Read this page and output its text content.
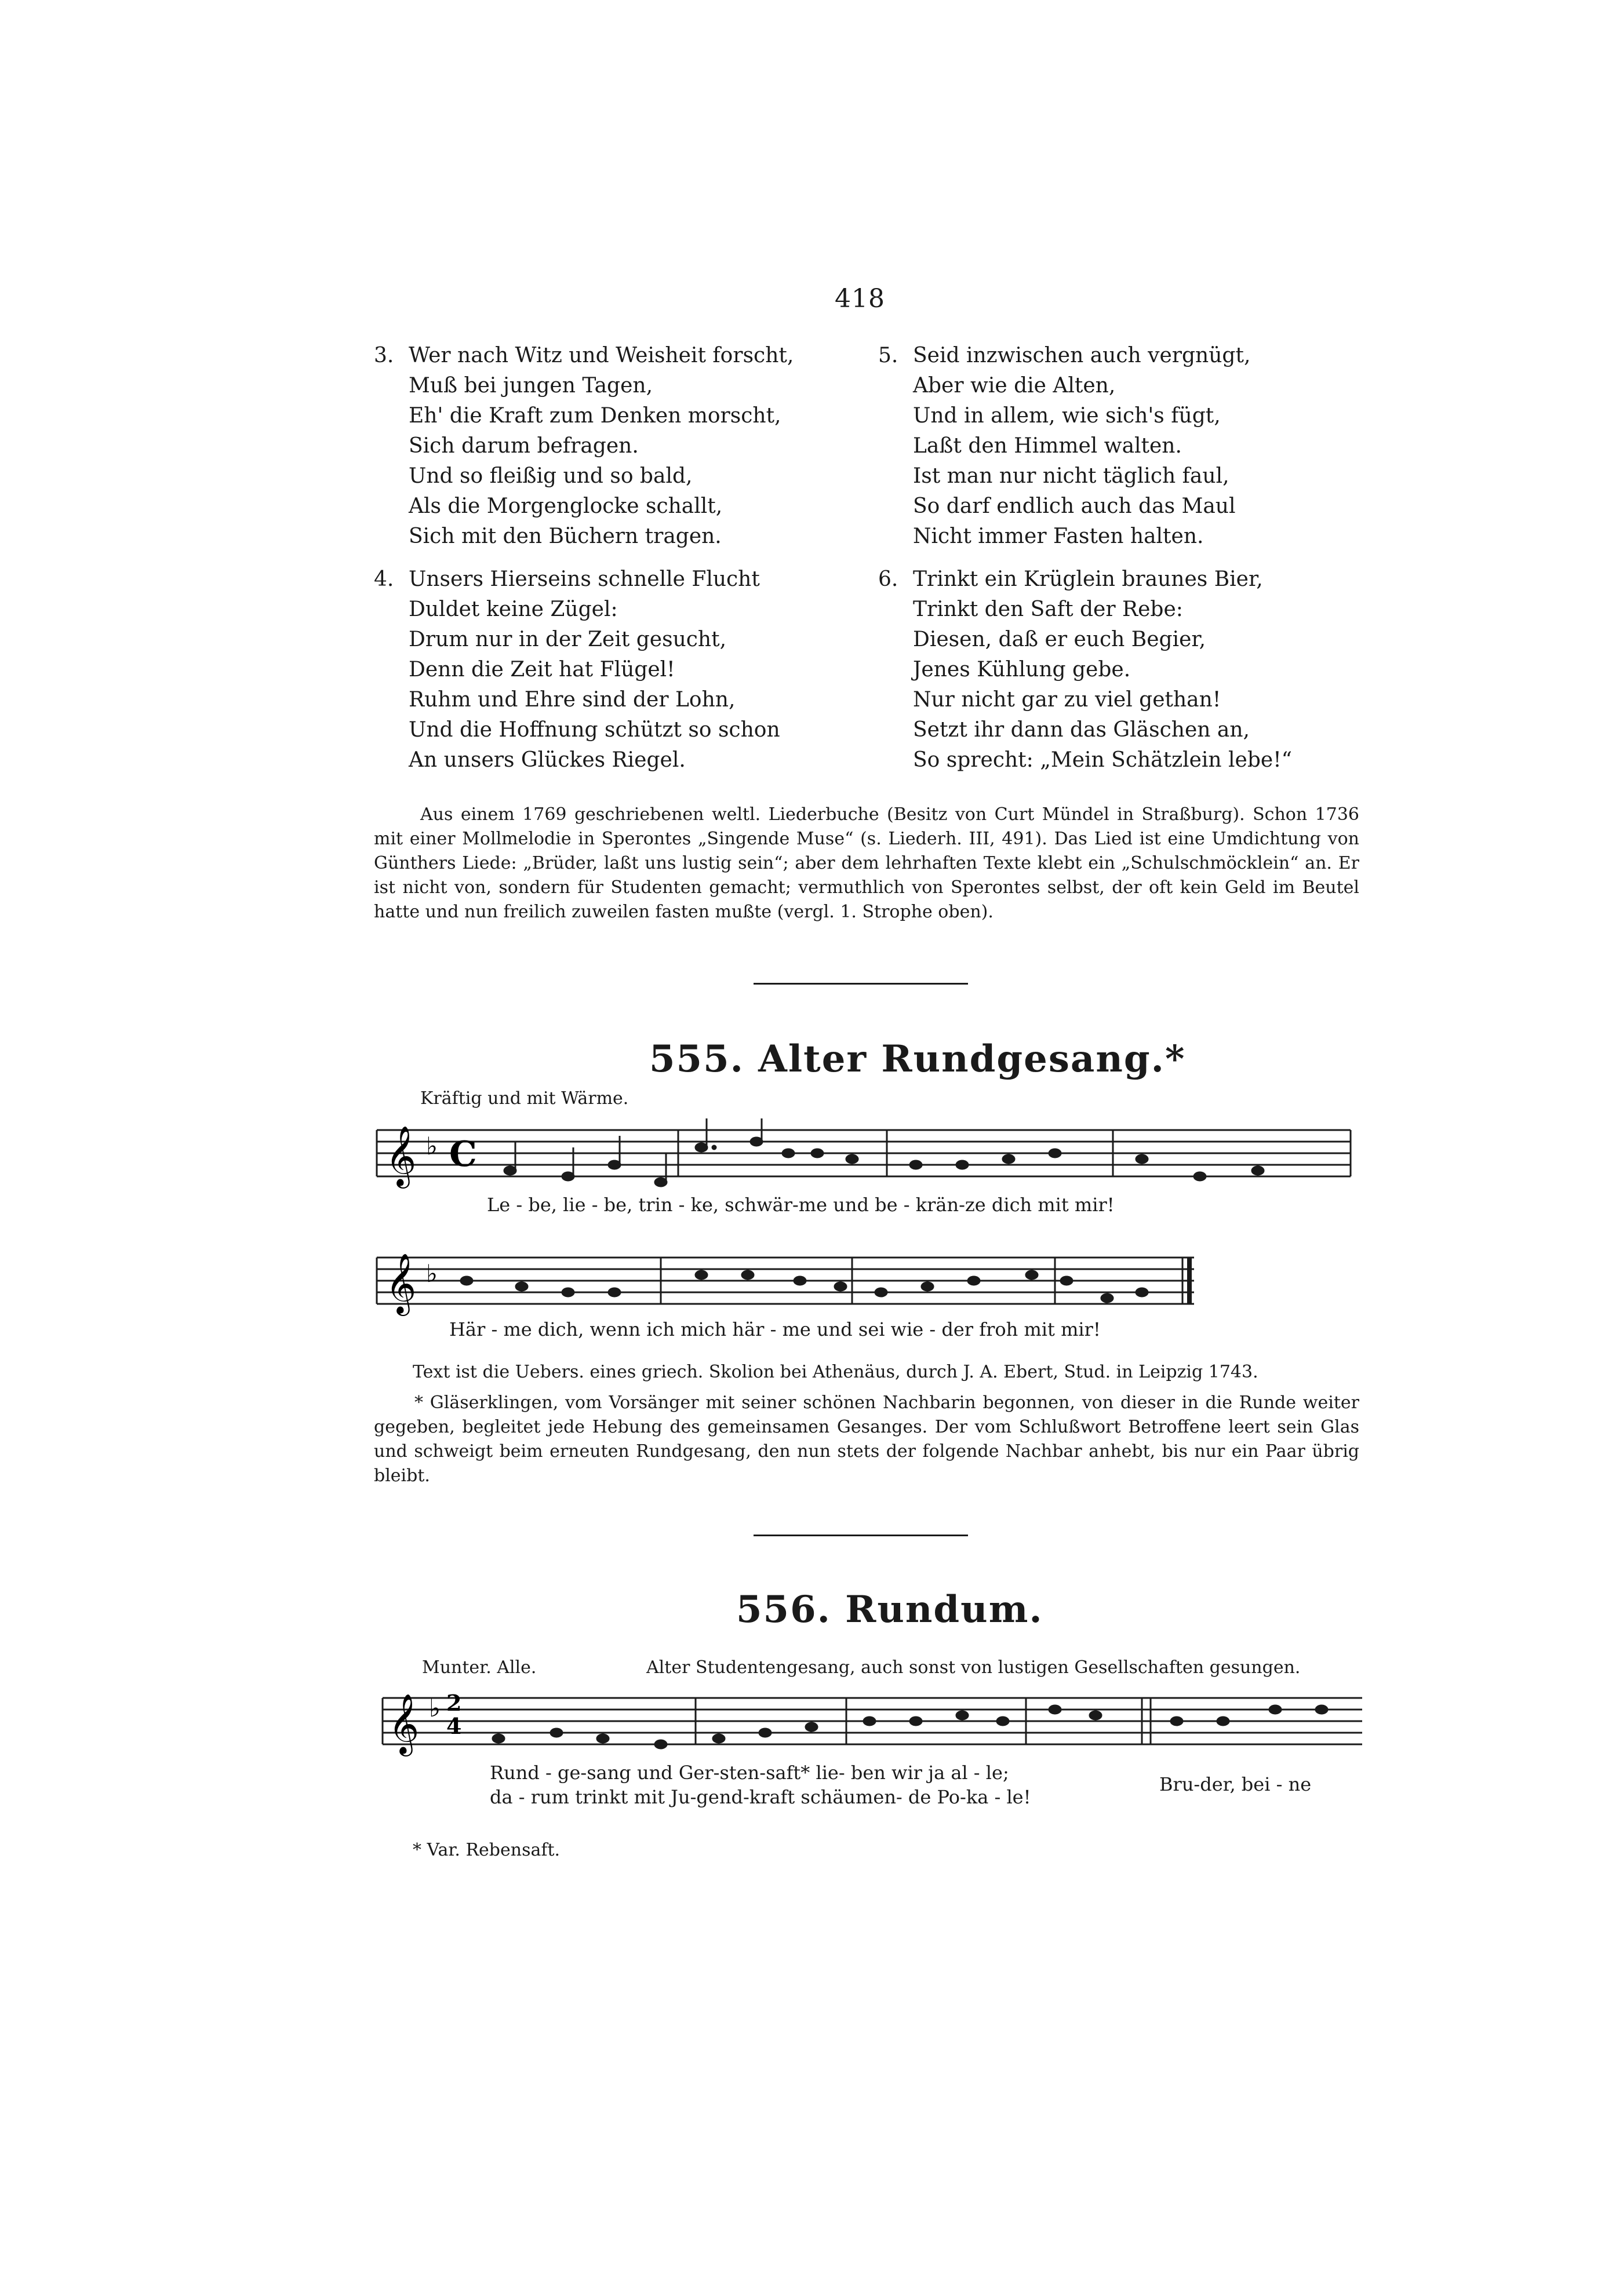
418
3. Wer nach Witz und Weisheit forscht,
Muß bei jungen Tagen,
Eh' die Kraft zum Denken morscht,
Sich darum befragen.
Und so fleißig und so bald,
Als die Morgenglocke schallt,
Sich mit den Büchern tragen.
4. Unsers Hierseins schnelle Flucht
Duldet keine Zügel:
Drum nur in der Zeit gesucht,
Denn die Zeit hat Flügel!
Ruhm und Ehre sind der Lohn,
Und die Hoffnung schützt so schon
An unsers Glückes Riegel.
5. Seid inzwischen auch vergnügt,
Aber wie die Alten,
Und in allem, wie sich's fügt,
Laßt den Himmel walten.
Ist man nur nicht täglich faul,
So darf endlich auch das Maul
Nicht immer Fasten halten.
6. Trinkt ein Krüglein braunes Bier,
Trinkt den Saft der Rebe:
Diesen, daß er euch Begier,
Jenes Kühlung gebe.
Nur nicht gar zu viel gethan!
Setzt ihr dann das Gläschen an,
So sprecht: „Mein Schätzlein lebe!“

Aus einem 1769 geschriebenen weltl. Liederbuche (Besitz von Curt Mündel in Straßburg). Schon 1736 mit einer Mollmelodie in Sperontes „Singende Muse“ (s. Liederh. III, 491). Das Lied ist eine Umdichtung von Günthers Liede: „Brüder, laßt uns lustig sein“; aber dem lehrhaften Texte klebt ein „Schulschmöcklein“ an. Er ist nicht von, sondern für Studenten gemacht; vermuthlich von Sperontes selbst, der oft kein Geld im Beutel hatte und nun freilich zuweilen fasten mußte (vergl. 1. Strophe oben).

555. Alter Rundgesang.*
Kräftig und mit Wärme.
𝄞 ♭ C
Le - be, lie - be, trin - ke, schwär-me und be - krän-ze dich mit mir!
𝄞 ♭
Här - me dich, wenn ich mich här - me und sei wie - der froh mit mir!
Text ist die Uebers. eines griech. Skolion bei Athenäus, durch J. A. Ebert, Stud. in Leipzig 1743.

* Gläserklingen, vom Vorsänger mit seiner schönen Nachbarin begonnen, von dieser in die Runde weiter gegeben, begleitet jede Hebung des gemeinsamen Gesanges. Der vom Schlußwort Betroffene leert sein Glas und schweigt beim erneuten Rundgesang, den nun stets der folgende Nachbar anhebt, bis nur ein Paar übrig bleibt.

556. Rundum.
Munter. Alle.	Alter Studentengesang, auch sonst von lustigen Gesellschaften gesungen.
𝄞 ♭ 2
4
Rund - ge-sang und Ger-sten-saft* lie- ben wir ja al - le;
da - rum trinkt mit Ju-gend-kraft schäumen- de Po-ka - le!
Bru-der, bei - ne
* Var. Rebensaft.
